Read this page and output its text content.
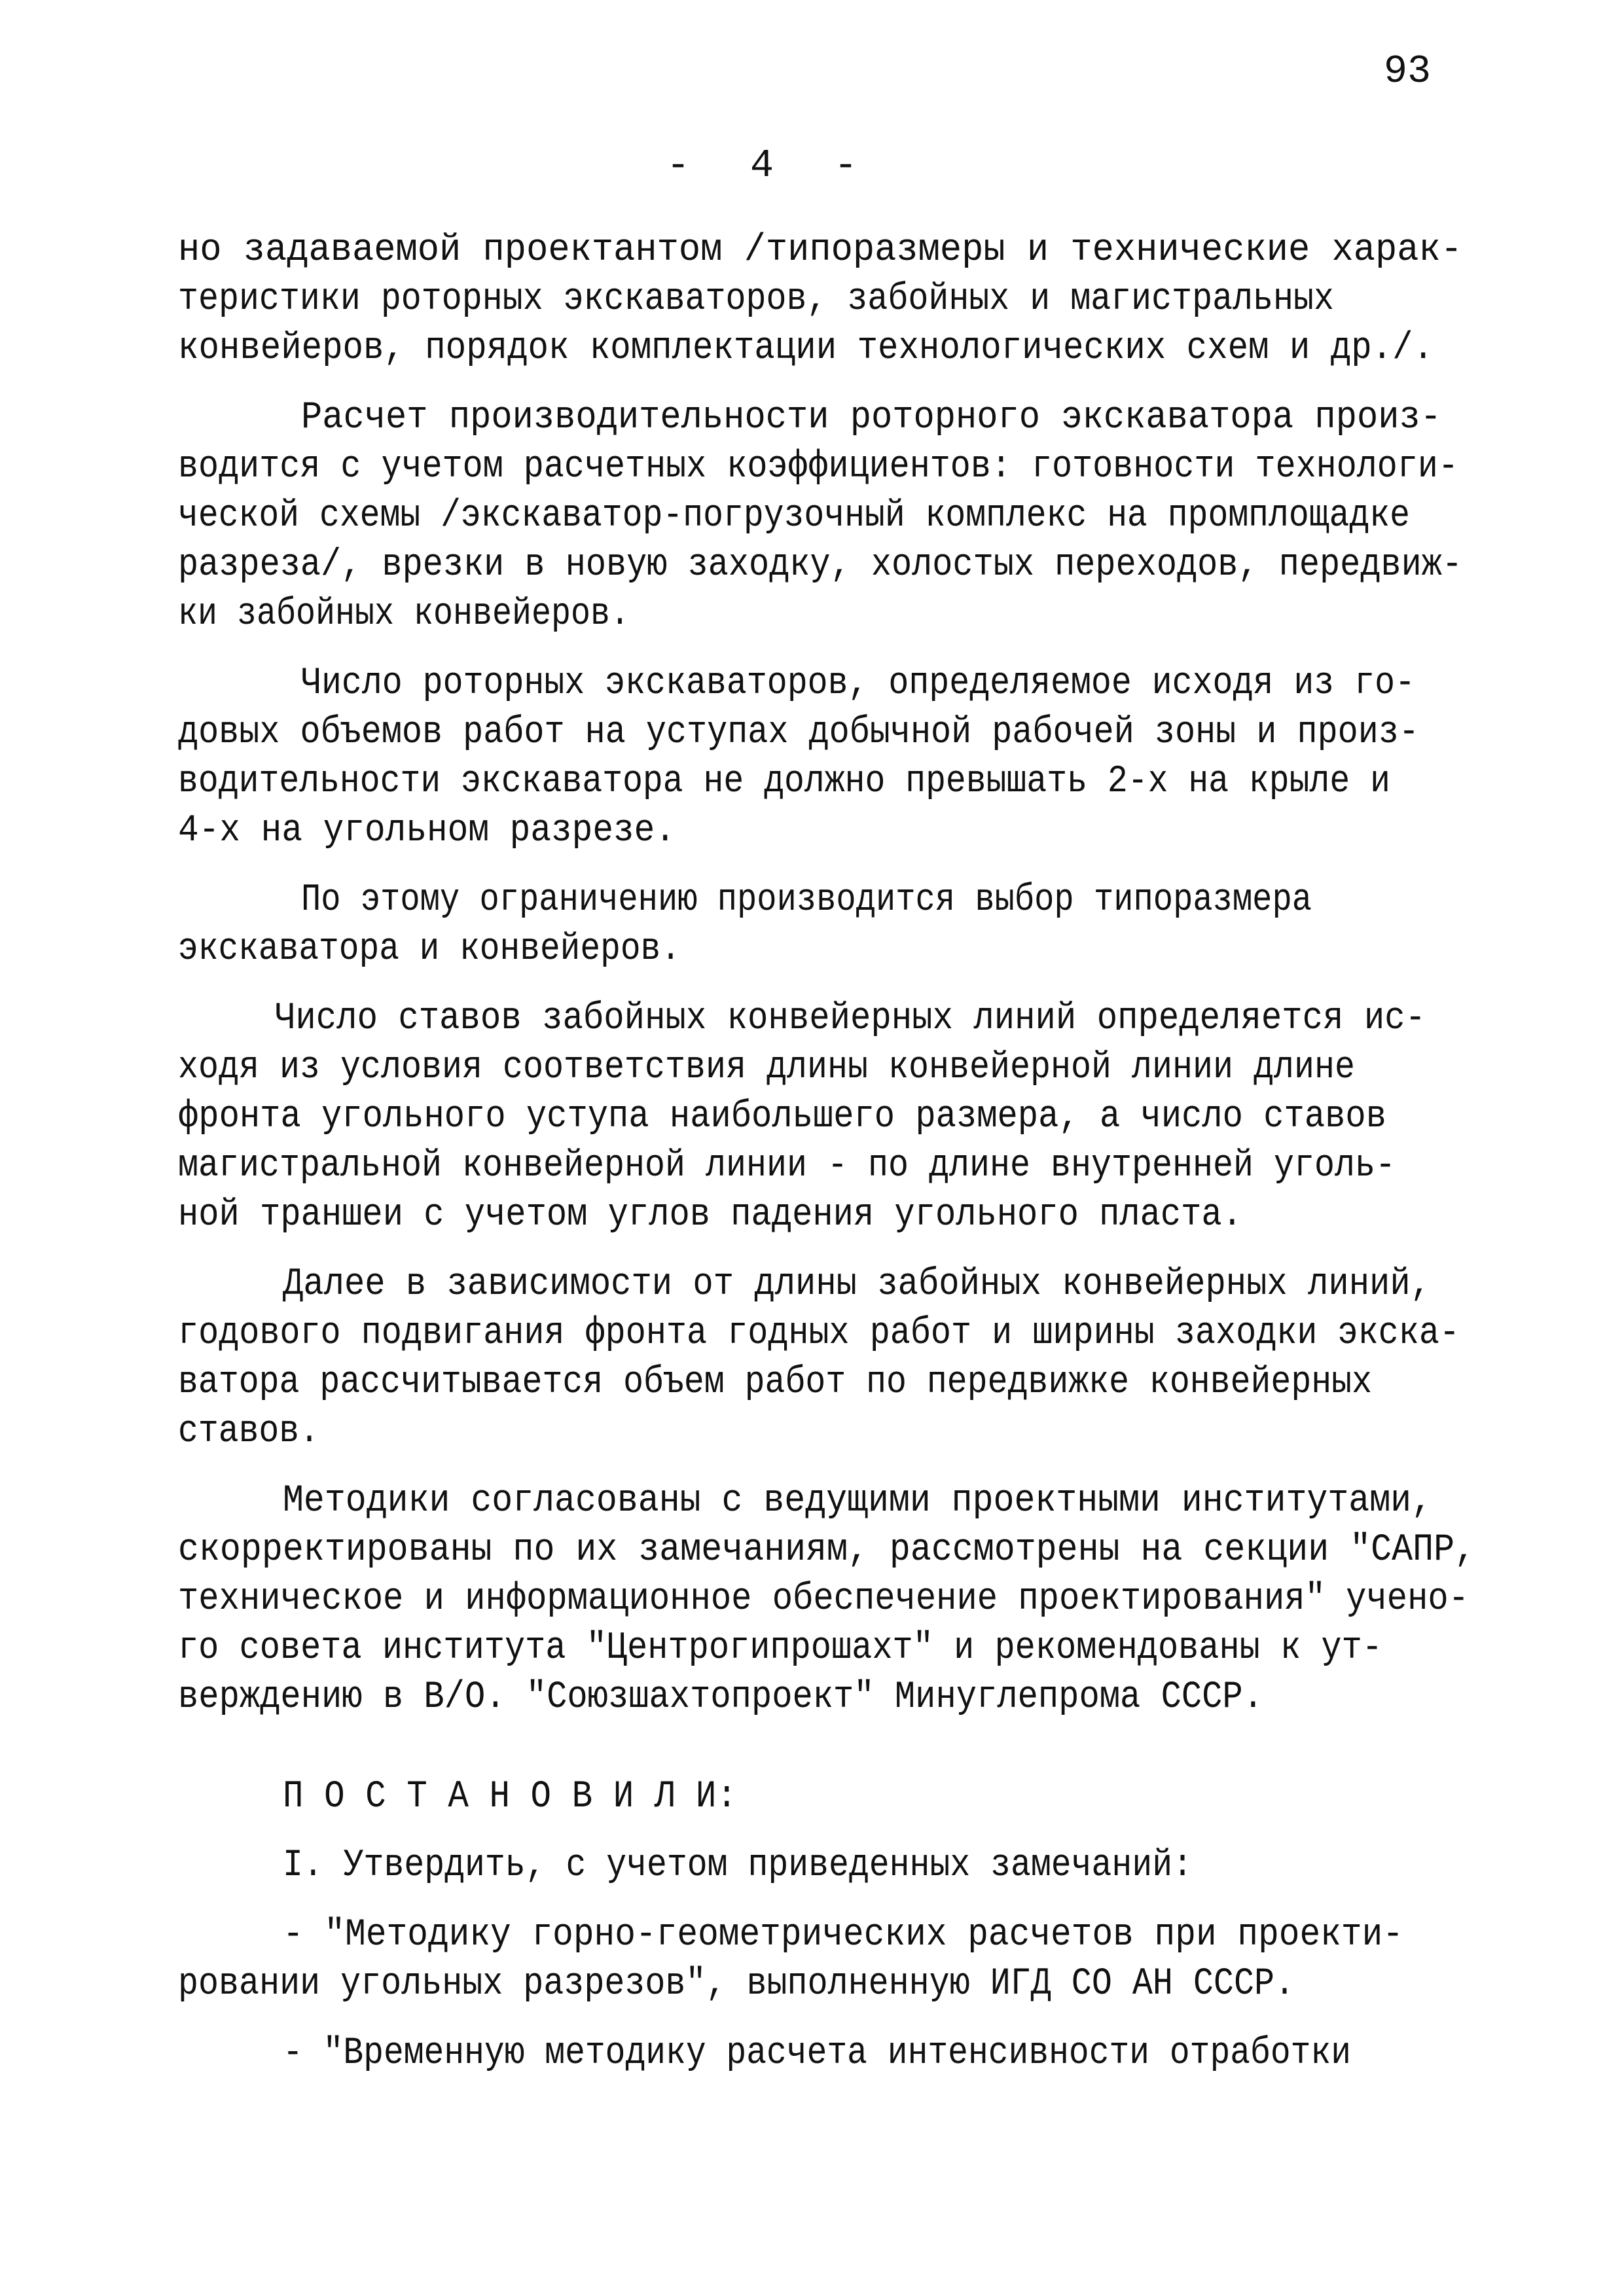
93
- 4 -
но задаваемой проектантом /типоразмеры и технические харак-
теристики роторных экскаваторов, забойных и магистральных
конвейеров, порядок комплектации технологических схем и др./.
Расчет производительности роторного экскаватора произ-
водится с учетом расчетных коэффициентов: готовности технологи-
ческой схемы /экскаватор-погрузочный комплекс на промплощадке
разреза/, врезки в новую заходку, холостых переходов, передвиж-
ки забойных конвейеров.
Число роторных экскаваторов, определяемое исходя из го-
довых объемов работ на уступах добычной рабочей зоны и произ-
водительности экскаватора не должно превышать 2-х на крыле и
4-х на угольном разрезе.
По этому ограничению производится выбор типоразмера
экскаватора и конвейеров.
Число ставов забойных конвейерных линий определяется ис-
ходя из условия соответствия длины конвейерной линии длине
фронта угольного уступа наибольшего размера, а число ставов
магистральной конвейерной линии - по длине внутренней уголь-
ной траншеи с учетом углов падения угольного пласта.
Далее в зависимости от длины забойных конвейерных линий,
годового подвигания фронта годных работ и ширины заходки экска-
ватора рассчитывается объем работ по передвижке конвейерных
ставов.
Методики согласованы с ведущими проектными институтами,
скорректированы по их замечаниям, рассмотрены на секции "САПР,
техническое и информационное обеспечение проектирования" учено-
го совета института "Центрогипрошахт" и рекомендованы к ут-
верждению в В/О. "Союзшахтопроект" Минуглепрома СССР.
П О С Т А Н О В И Л И:
I. Утвердить, с учетом приведенных замечаний:
- "Методику горно-геометрических расчетов при проекти-
ровании угольных разрезов", выполненную ИГД СО АН СССР.
- "Временную методику расчета интенсивности отработки
